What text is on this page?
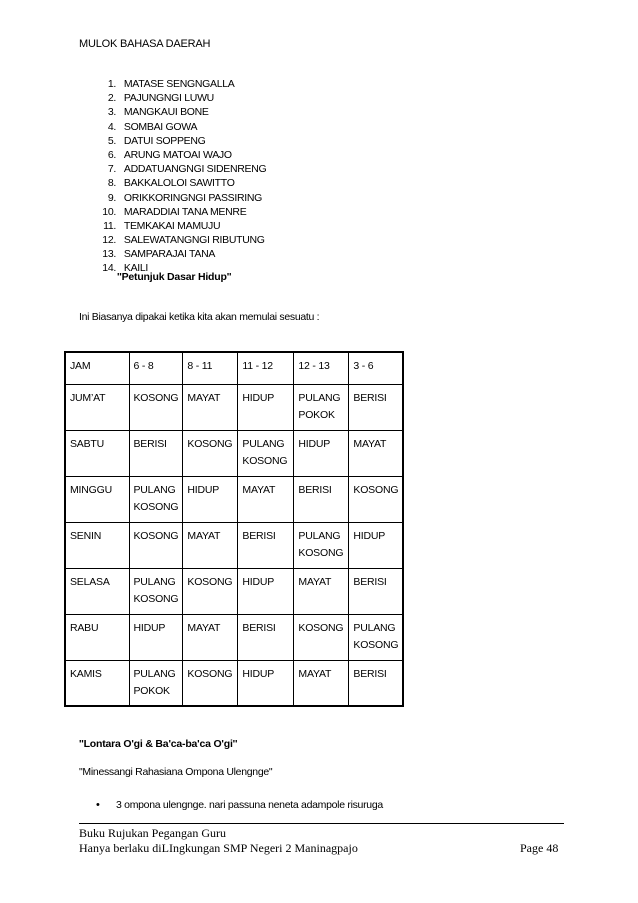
MULOK BAHASA DAERAH
1. MATASE SENGNGALLA
2. PAJUNGNGI LUWU
3. MANGKAUI BONE
4. SOMBAI GOWA
5. DATUI SOPPENG
6. ARUNG MATOAI WAJO
7. ADDATUANGNGI SIDENRENG
8. BAKKALOLOI SAWITTO
9. ORIKKORINGNGI PASSIRING
10. MARADDIAI TANA MENRE
11. TEMKAKAI MAMUJU
12. SALEWATANGNGI RIBUTUNG
13. SAMPARAJAI TANA
14. KAILI
''Petunjuk Dasar Hidup''
Ini Biasanya dipakai ketika kita akan memulai sesuatu :
JAM	6 - 8	8 - 11	11 - 12	12 - 13	3 - 6
JUM’AT	KOSONG	MAYAT	HIDUP	PULANG POKOK	BERISI
SABTU	BERISI	KOSONG	PULANG KOSONG	HIDUP	MAYAT
MINGGU	PULANG KOSONG	HIDUP	MAYAT	BERISI	KOSONG
SENIN	KOSONG	MAYAT	BERISI	PULANG KOSONG	HIDUP
SELASA	PULANG KOSONG	KOSONG	HIDUP	MAYAT	BERISI
RABU	HIDUP	MAYAT	BERISI	KOSONG	PULANG KOSONG
KAMIS	PULANG POKOK	KOSONG	HIDUP	MAYAT	BERISI
''Lontara O'gi & Ba'ca-ba'ca O'gi''
"Minessangi Rahasiana Ompona Ulengnge"
• 3 ompona ulengnge. nari passuna neneta adampole risuruga
Buku Rujukan Pegangan Guru
Hanya berlaku diLIngkungan SMP Negeri 2 Maninagpajo	Page 48
